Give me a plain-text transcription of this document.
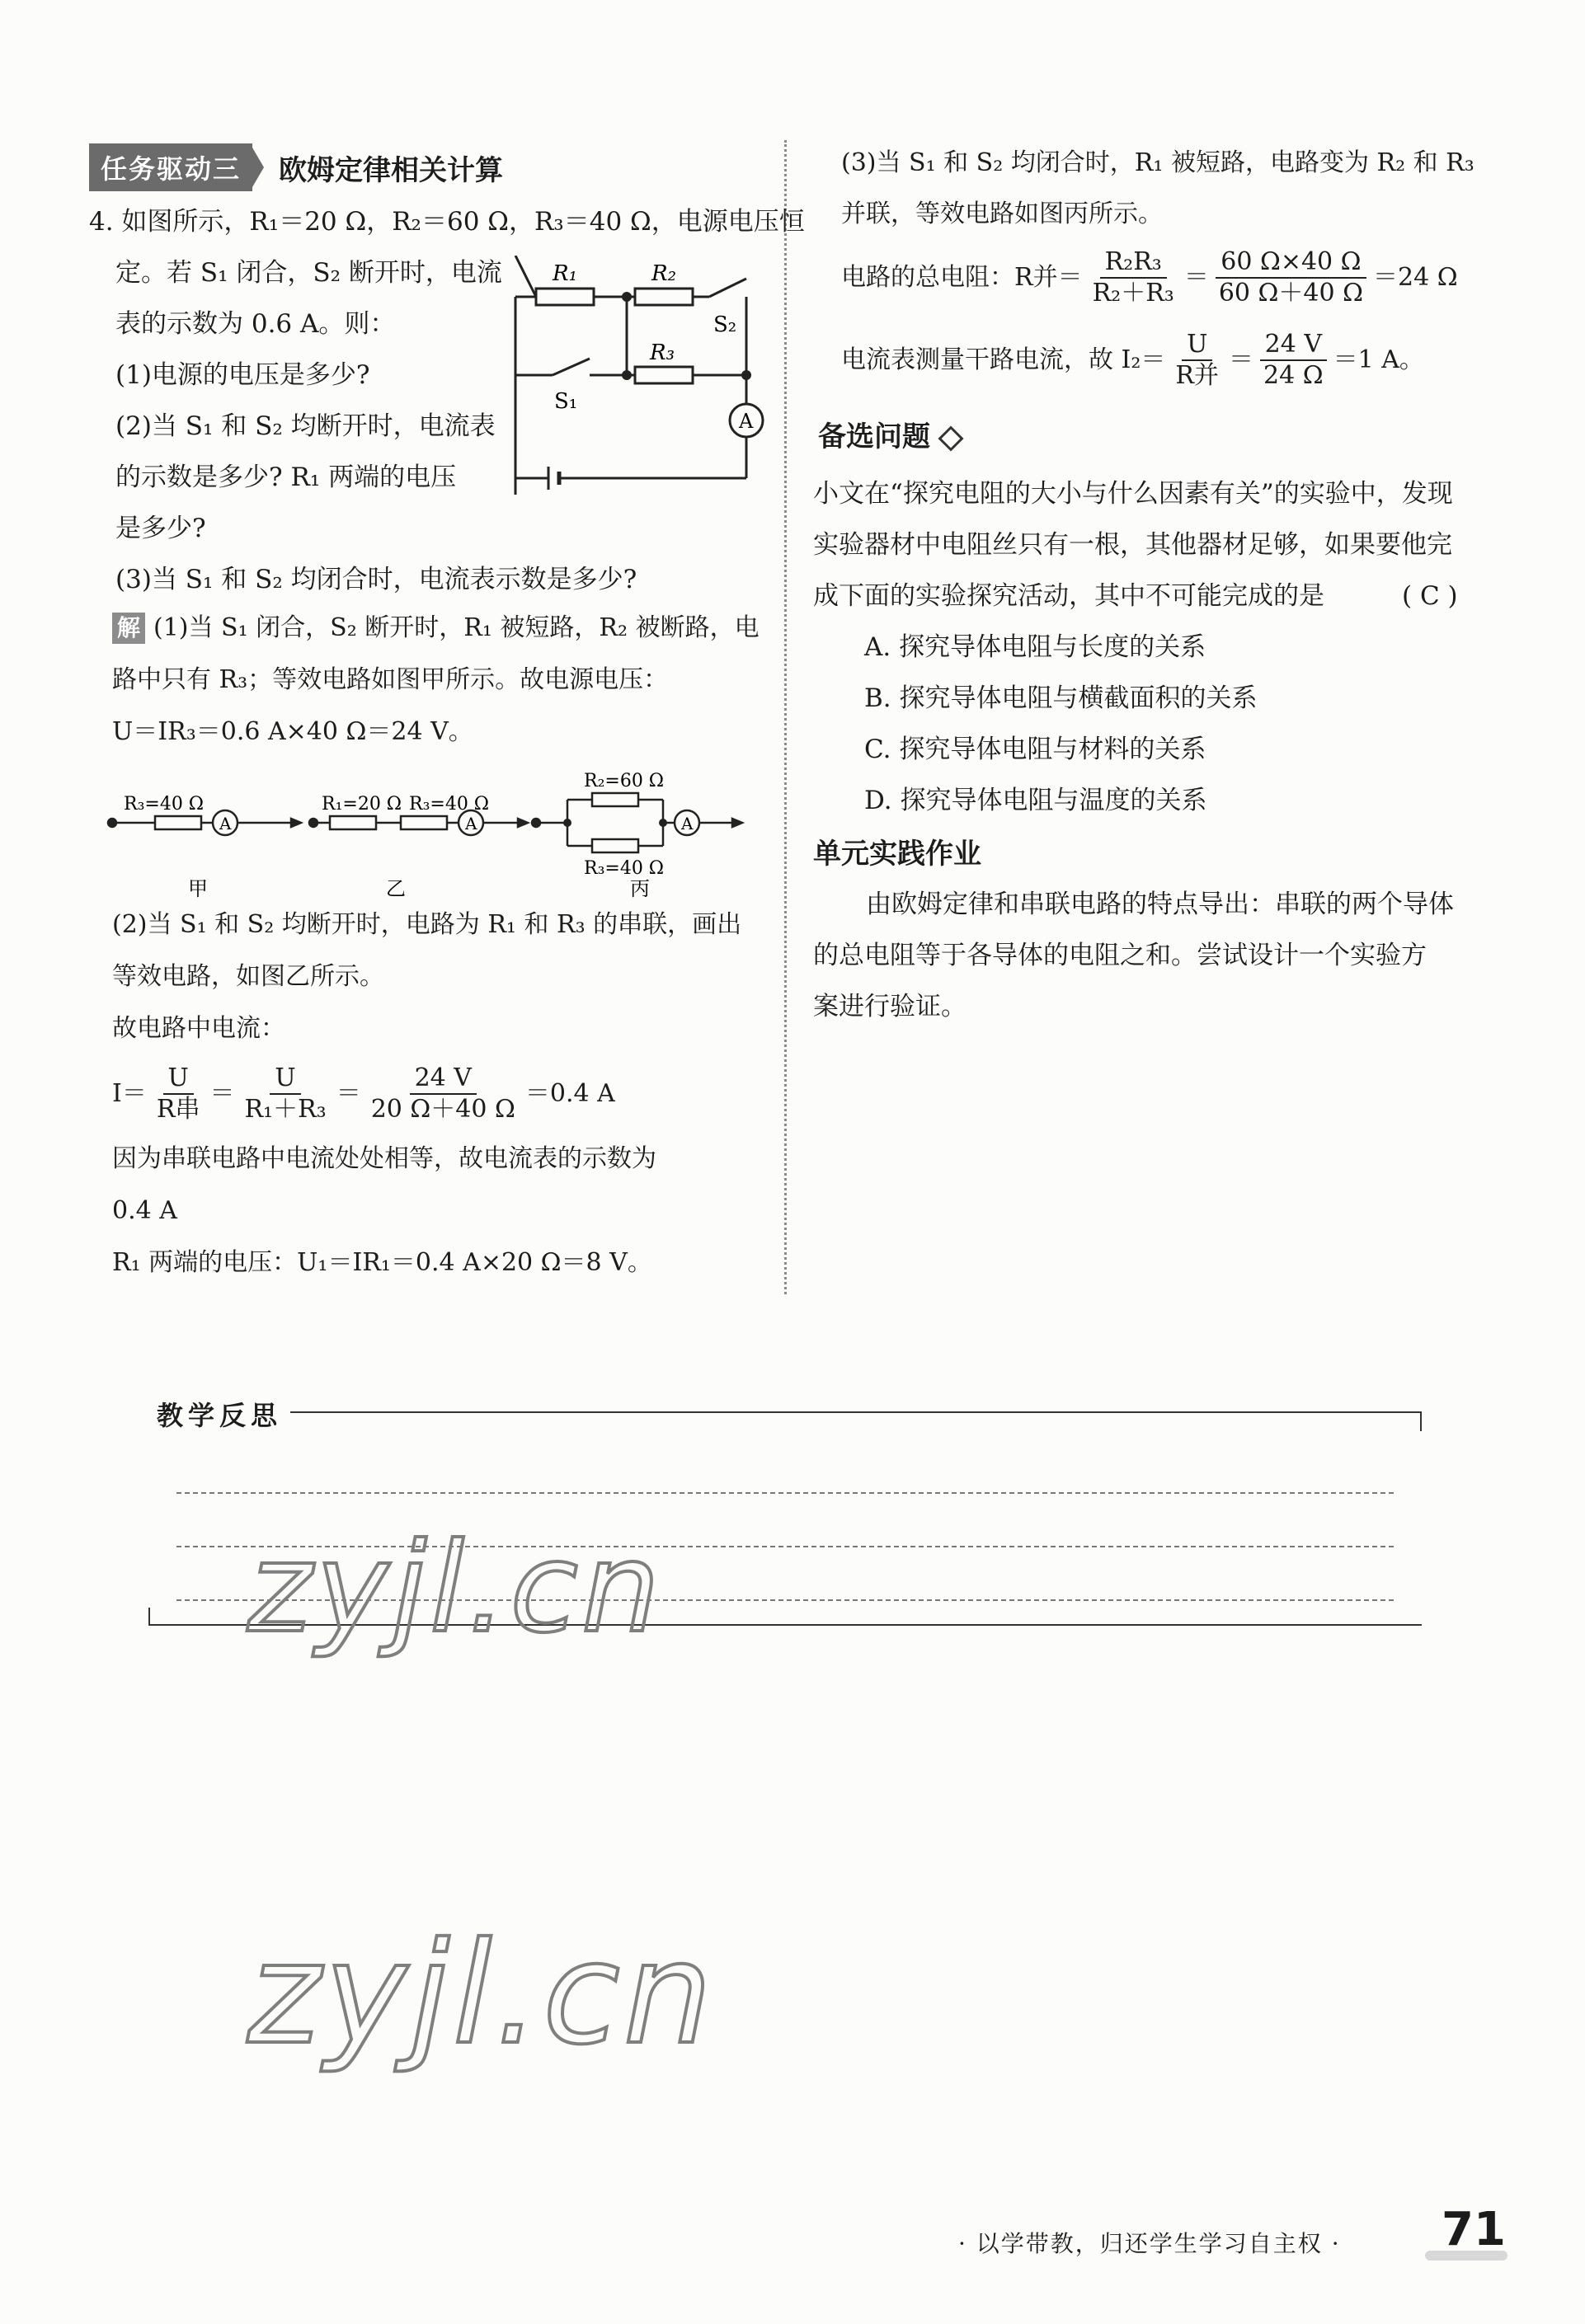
任务驱动三	欧姆定律相关计算
4. 如图所示，R₁＝20 Ω，R₂＝60 Ω，R₃＝40 Ω，电源电压恒
定。若 S₁ 闭合，S₂ 断开时，电流
表的示数为 0.6 A。则：
(1)电源的电压是多少?
(2)当 S₁ 和 S₂ 均断开时，电流表
的示数是多少? R₁ 两端的电压
是多少?
(3)当 S₁ 和 S₂ 均闭合时，电流表示数是多少?
R₁	R₂
S₂
R₃
S₁
A
解 (1)当 S₁ 闭合，S₂ 断开时，R₁ 被短路，R₂ 被断路，电
路中只有 R₃；等效电路如图甲所示。故电源电压：
U＝IR₃＝0.6 A×40 Ω＝24 V。
R₃=40 Ω
A
R₁=20 Ω R₃=40 Ω
A
R₂=60 Ω
R₃=40 Ω
A
甲	乙	丙
(2)当 S₁ 和 S₂ 均断开时，电路为 R₁ 和 R₃ 的串联，画出
等效电路，如图乙所示。
故电路中电流：
$I= \frac{U}{\text{R串}} = \frac{U}{\text{R₁＋R₃}} = \frac{24 V}{20 \Omega+40 \Omega} =0.4$ A
因为串联电路中电流处处相等，故电流表的示数为
0.4 A
R₁ 两端的电压：U₁＝IR₁＝0.4 A×20 Ω＝8 V。
(3)当 S₁ 和 S₂ 均闭合时，R₁ 被短路，电路变为 R₂ 和 R₃
并联，等效电路如图丙所示。
电路的总电阻：R并＝ $\frac{\text{R₂R₃}}{\text{R₂＋R₃}} = \frac{60 \Omega\times 40 \Omega}{60 \Omega+40 \Omega} =24$ Ω
电流表测量干路电流，故 $I_2= \frac{U}{\text{R并}} = \frac{24 V}{24 \Omega} =1$ A。
备选问题
小文在“探究电阻的大小与什么因素有关”的实验中，发现
实验器材中电阻丝只有一根，其他器材足够，如果要他完
成下面的实验探究活动，其中不可能完成的是	( C )
A. 探究导体电阻与长度的关系
B. 探究导体电阻与横截面积的关系
C. 探究导体电阻与材料的关系
D. 探究导体电阻与温度的关系
单元实践作业
由欧姆定律和串联电路的特点导出：串联的两个导体
的总电阻等于各导体的电阻之和。尝试设计一个实验方
案进行验证。
教学反思
zyjl.cn
zyjl.cn
· 以学带教，归还学生学习自主权 · 71
